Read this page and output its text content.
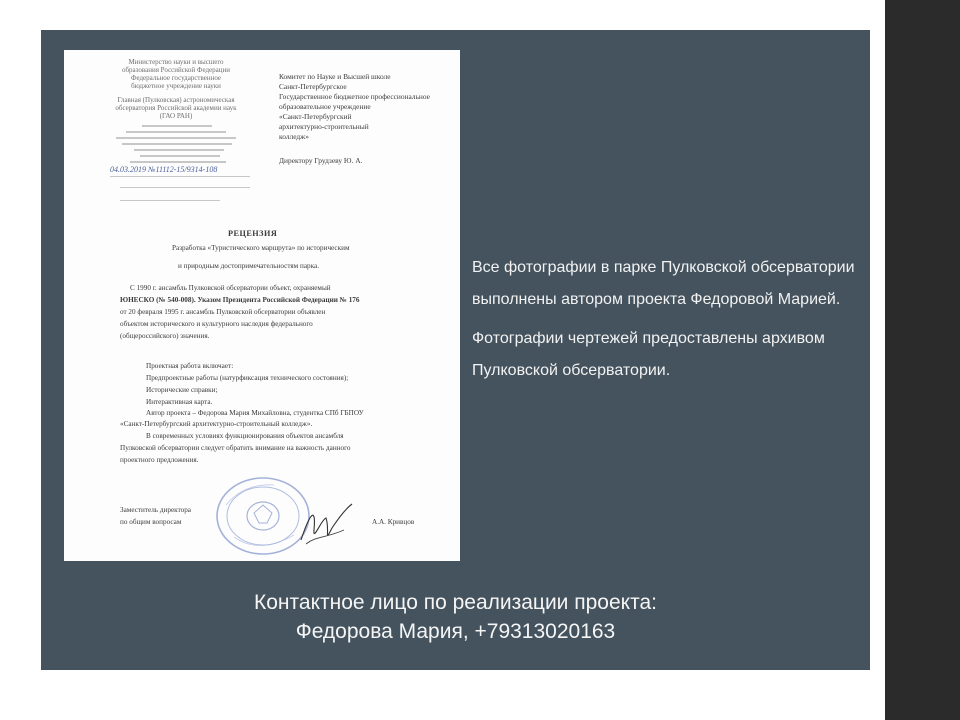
Министерство науки и высшего
образования Российской Федерации
Федеральное государственное
бюджетное учреждение науки
Главная (Пулковская) астрономическая
обсерватория Российской академии наук
(ГАО РАН)
04.03.2019 №11112-15/9314-108
Комитет по Науке и Высшей школе
Санкт-Петербургское
Государственное бюджетное профессиональное
образовательное учреждение
«Санкт-Петербургский
архитектурно-строительный
колледж»
Директору Грудзеву Ю. А.
РЕЦЕНЗИЯ
Разработка «Туристического маршрута» по историческим
и природным достопримечательностям парка.
С 1990 г. ансамбль Пулковской обсерватории объект, охраняемый
ЮНЕСКО (№ 540-008). Указом Президента Российской Федерации № 176
от 20 февраля 1995 г. ансамбль Пулковской обсерватории объявлен
объектом исторического и культурного наследия федерального
(общероссийского) значения.
Проектная работа включает:
Предпроектные работы (натурфиксация технического состояния);
Исторические справки;
Интерактивная карта.
Автор проекта – Федорова Мария Михайловна, студентка СПб ГБПОУ
«Санкт-Петербургский архитектурно-строительный колледж».
В современных условиях функционирования объектов ансамбля
Пулковской обсерватории следует обратить внимание на важность данного
проектного предложения.
Заместитель директора
по общим вопросам	А.А. Кривцов

Все фотографии в парке Пулковской обсерватории выполнены автором проекта Федоровой Марией.

Фотографии чертежей предоставлены архивом Пулковской обсерватории.

Контактное лицо по реализации проекта:
Федорова Мария, +79313020163
